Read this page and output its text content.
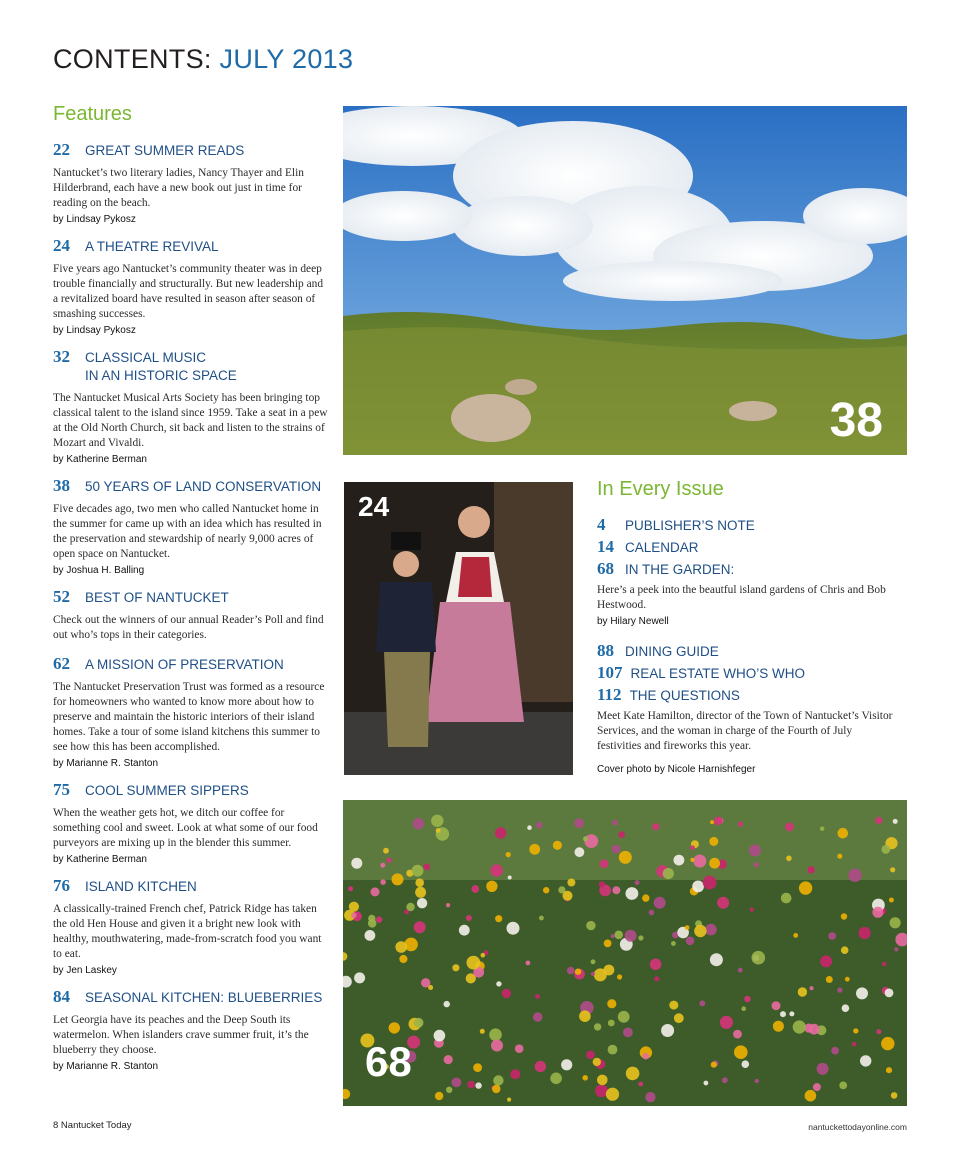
CONTENTS: JULY 2013
Features
22 GREAT SUMMER READS

Nantucket’s two literary ladies, Nancy Thayer and Elin Hilderbrand, each have a new book out just in time for reading on the beach.

by Lindsay Pykosz
24 A THEATRE REVIVAL

Five years ago Nantucket’s community theater was in deep trouble financially and structurally. But new leadership and a revitalized board have resulted in season after season of smashing successes.

by Lindsay Pykosz
32 CLASSICAL MUSIC
IN AN HISTORIC SPACE

The Nantucket Musical Arts Society has been bringing top classical talent to the island since 1959. Take a seat in a pew at the Old North Church, sit back and listen to the strains of Mozart and Vivaldi.

by Katherine Berman
38 50 YEARS OF LAND CONSERVATION

Five decades ago, two men who called Nantucket home in the summer for came up with an idea which has resulted in the preservation and stewardship of nearly 9,000 acres of open space on Nantucket.

by Joshua H. Balling
52 BEST OF NANTUCKET

Check out the winners of our annual Reader’s Poll and find out who’s tops in their categories.

62 A MISSION OF PRESERVATION

The Nantucket Preservation Trust was formed as a resource for homeowners who wanted to know more about how to preserve and maintain the historic interiors of their island homes. Take a tour of some island kitchens this summer to see how this has been accomplished.

by Marianne R. Stanton
75 COOL SUMMER SIPPERS

When the weather gets hot, we ditch our coffee for something cool and sweet. Look at what some of our food purveyors are mixing up in the blender this summer.

by Katherine Berman
76 ISLAND KITCHEN

A classically-trained French chef, Patrick Ridge has taken the old Hen House and given it a bright new look with healthy, mouthwatering, made-from-scratch food you want to eat.

by Jen Laskey
84 SEASONAL KITCHEN: BLUEBERRIES

Let Georgia have its peaches and the Deep South its watermelon. When islanders crave summer fruit, it’s the blueberry they choose.

by Marianne R. Stanton
38
24
In Every Issue
4	PUBLISHER’S NOTE
14 CALENDAR
68 IN THE GARDEN:

Here’s a peek into the beautful island gardens of Chris and Bob Hestwood.

by Hilary Newell
88 DINING GUIDE
107 REAL ESTATE WHO’S WHO
112 THE QUESTIONS

Meet Kate Hamilton, director of the Town of Nantucket’s Visitor Services, and the woman in charge of the Fourth of July festivities and fireworks this year.

Cover photo by Nicole Harnishfeger
68
8 Nantucket Today	nantuckettodayonline.com
